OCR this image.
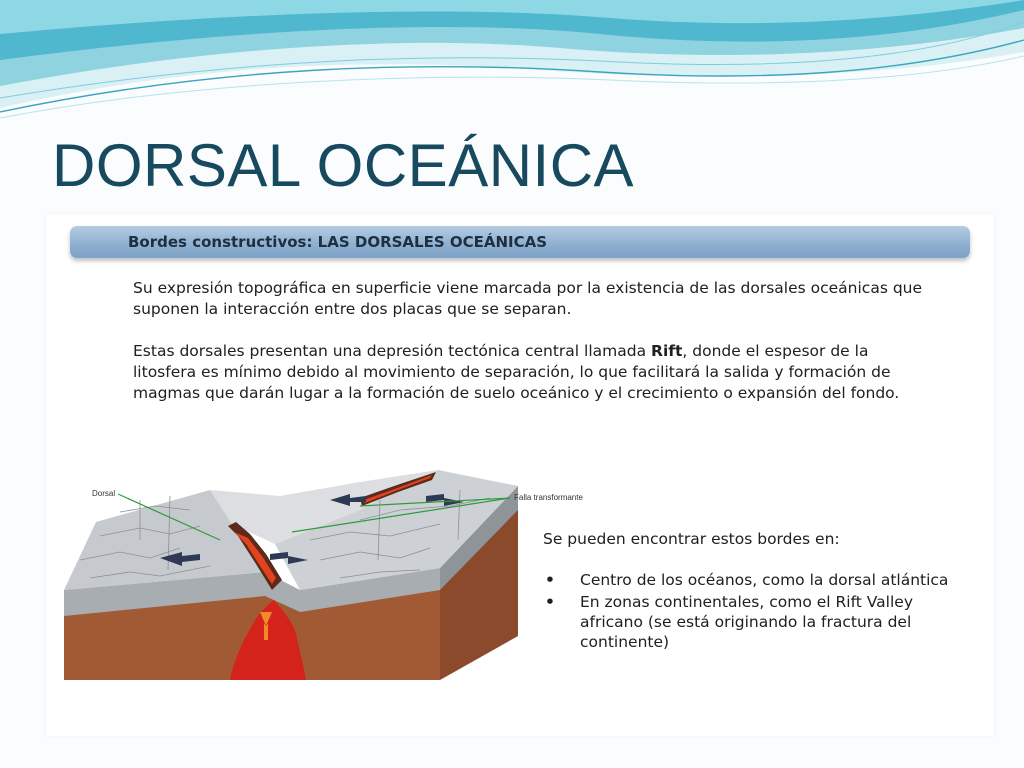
DORSAL OCEÁNICA
Bordes constructivos: LAS DORSALES OCEÁNICAS

Su expresión topográfica en superficie viene marcada por la existencia de las dorsales oceánicas que suponen la interacción entre dos placas que se separan.

Estas dorsales presentan una depresión tectónica central llamada Rift, donde el espesor de la litosfera es mínimo debido al movimiento de separación, lo que facilitará la salida y formación de magmas que darán lugar a la formación de suelo oceánico y el crecimiento o expansión del fondo.

Dorsal	Falla transformante

Se pueden encontrar estos bordes en:

• Centro de los océanos, como la dorsal atlántica
• En zonas continentales, como el Rift Valley africano (se está originando la fractura del continente)
